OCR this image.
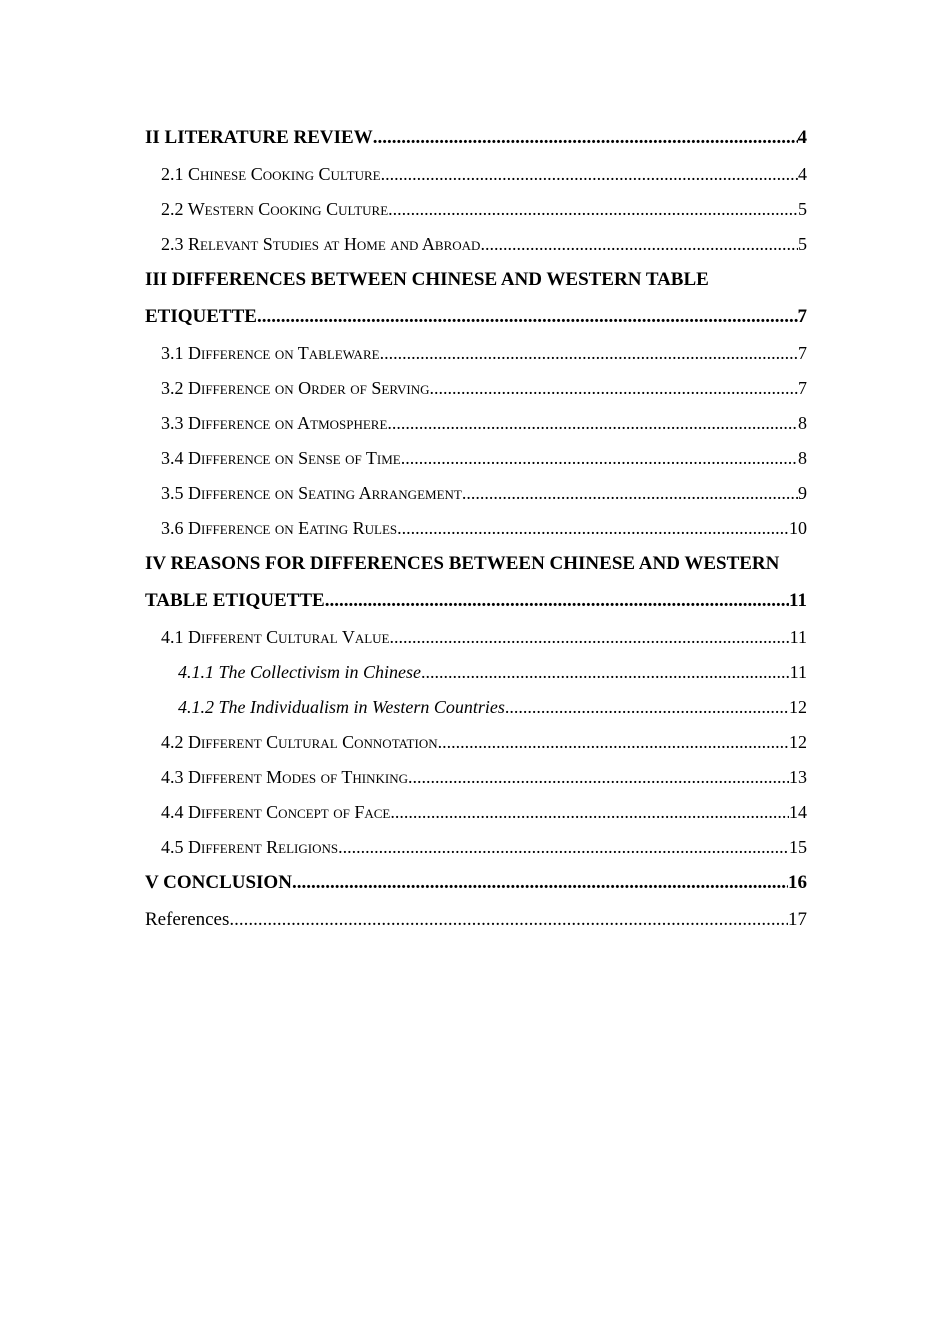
II LITERATURE REVIEW .....	4
2.1 Chinese Cooking Culture .....	4
2.2 Western Cooking Culture .....	5
2.3 Relevant Studies at Home and Abroad .....	5
III DIFFERENCES BETWEEN CHINESE AND WESTERN TABLE
ETIQUETTE .....	7
3.1 Difference on Tableware .....	7
3.2 Difference on Order of Serving .....	7
3.3 Difference on Atmosphere .....	8
3.4 Difference on Sense of Time .....	8
3.5 Difference on Seating Arrangement .....	9
3.6 Difference on Eating Rules .....	10
IV REASONS FOR DIFFERENCES BETWEEN CHINESE AND WESTERN
TABLE ETIQUETTE .....	11
4.1 Different Cultural Value .....	11
4.1.1 The Collectivism in Chinese .....	11
4.1.2 The Individualism in Western Countries .....	12
4.2 Different Cultural Connotation .....	12
4.3 Different Modes of Thinking .....	13
4.4 Different Concept of Face .....	14
4.5 Different Religions .....	15
V CONCLUSION .....	16
References .....	17
